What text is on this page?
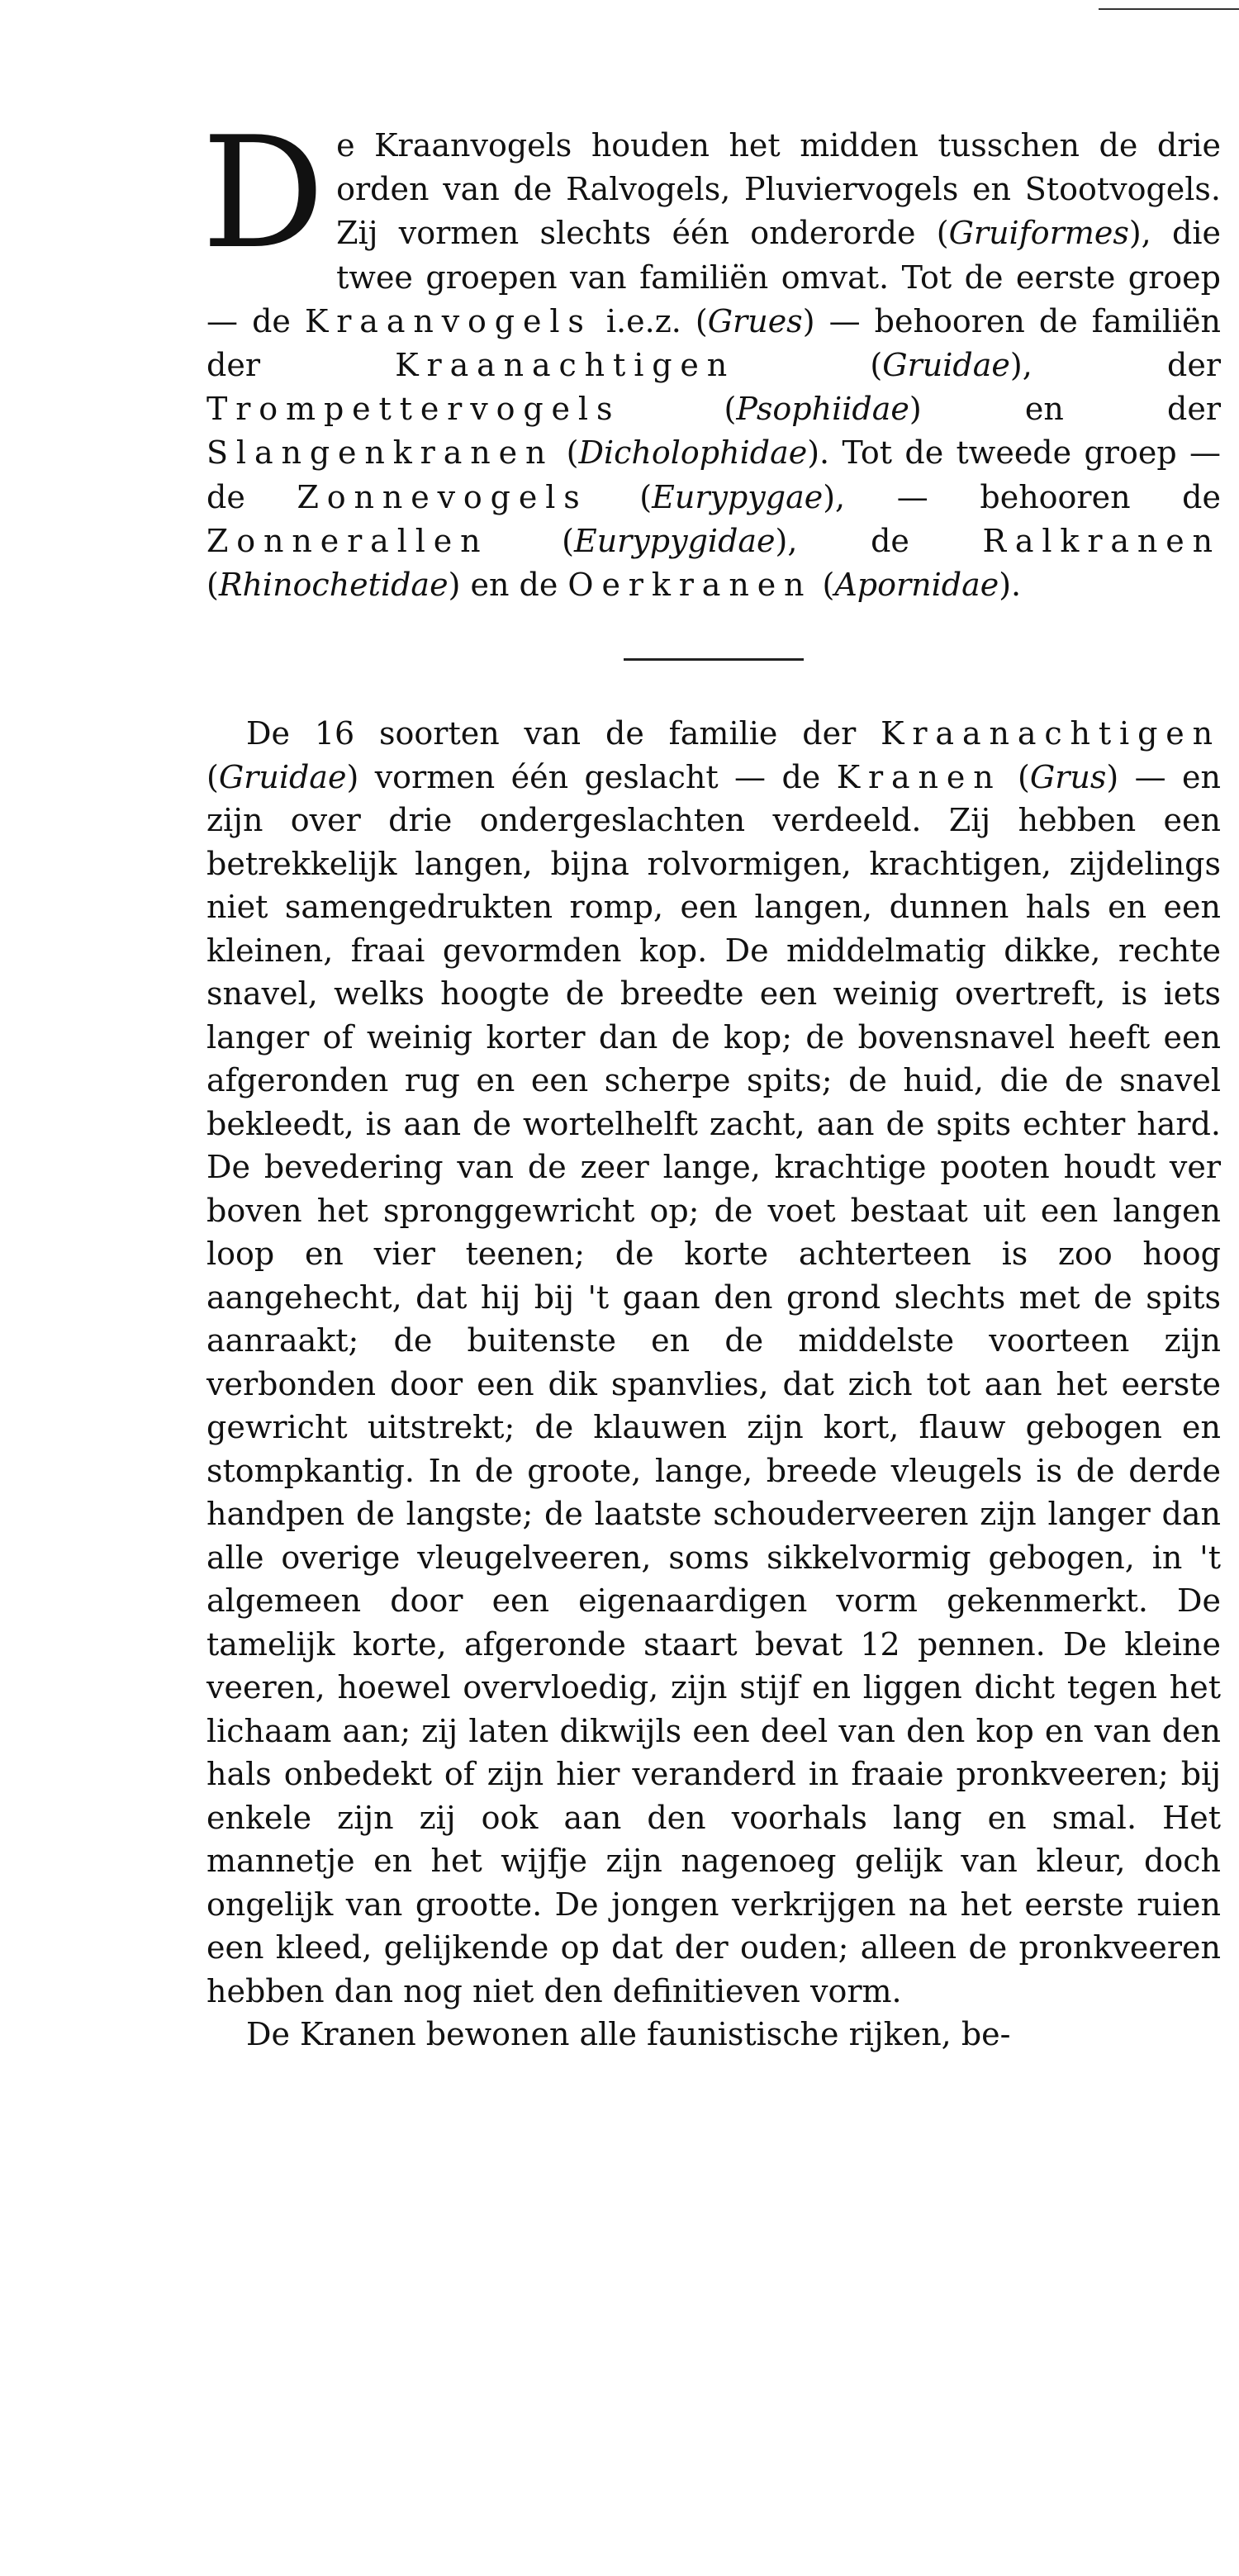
De Kraanvogels houden het midden tusschen de drie orden van de Ralvogels, Pluviervogels en Stootvogels. Zij vormen slechts één onderorde (Gruiformes), die twee groepen van familiën omvat. Tot de eerste groep — de Kraanvogels i.e.z. (Grues) — behooren de familiën der Kraanachtigen (Gruidae), der Trompettervogels (Psophiidae) en der Slangenkranen (Dicholophidae). Tot de tweede groep — de Zonnevogels (Eurypygae), — behooren de Zonnerallen (Eurypygidae), de Ralkranen (Rhinochetidae) en de Oerkranen (Apornidae).

De 16 soorten van de familie der Kraanachtigen (Gruidae) vormen één geslacht — de Kranen (Grus) — en zijn over drie ondergeslachten verdeeld. Zij hebben een betrekkelijk langen, bijna rolvormigen, krachtigen, zijdelings niet samengedrukten romp, een langen, dunnen hals en een kleinen, fraai gevormden kop. De middelmatig dikke, rechte snavel, welks hoogte de breedte een weinig overtreft, is iets langer of weinig korter dan de kop; de bovensnavel heeft een afgeronden rug en een scherpe spits; de huid, die de snavel bekleedt, is aan de wortelhelft zacht, aan de spits echter hard. De bevedering van de zeer lange, krachtige pooten houdt ver boven het spronggewricht op; de voet bestaat uit een langen loop en vier teenen; de korte achterteen is zoo hoog aangehecht, dat hij bij 't gaan den grond slechts met de spits aanraakt; de buitenste en de middelste voorteen zijn verbonden door een dik spanvlies, dat zich tot aan het eerste gewricht uitstrekt; de klauwen zijn kort, flauw gebogen en stompkantig. In de groote, lange, breede vleugels is de derde handpen de langste; de laatste schouderveeren zijn langer dan alle overige vleugelveeren, soms sikkelvormig gebogen, in 't algemeen door een eigenaardigen vorm gekenmerkt. De tamelijk korte, afgeronde staart bevat 12 pennen. De kleine veeren, hoewel overvloedig, zijn stijf en liggen dicht tegen het lichaam aan; zij laten dikwijls een deel van den kop en van den hals onbedekt of zijn hier veranderd in fraaie pronkveeren; bij enkele zijn zij ook aan den voorhals lang en smal. Het mannetje en het wijfje zijn nagenoeg gelijk van kleur, doch ongelijk van grootte. De jongen verkrijgen na het eerste ruien een kleed, gelijkende op dat der ouden; alleen de pronkveeren hebben dan nog niet den definitieven vorm.

De Kranen bewonen alle faunistische rijken, be-
